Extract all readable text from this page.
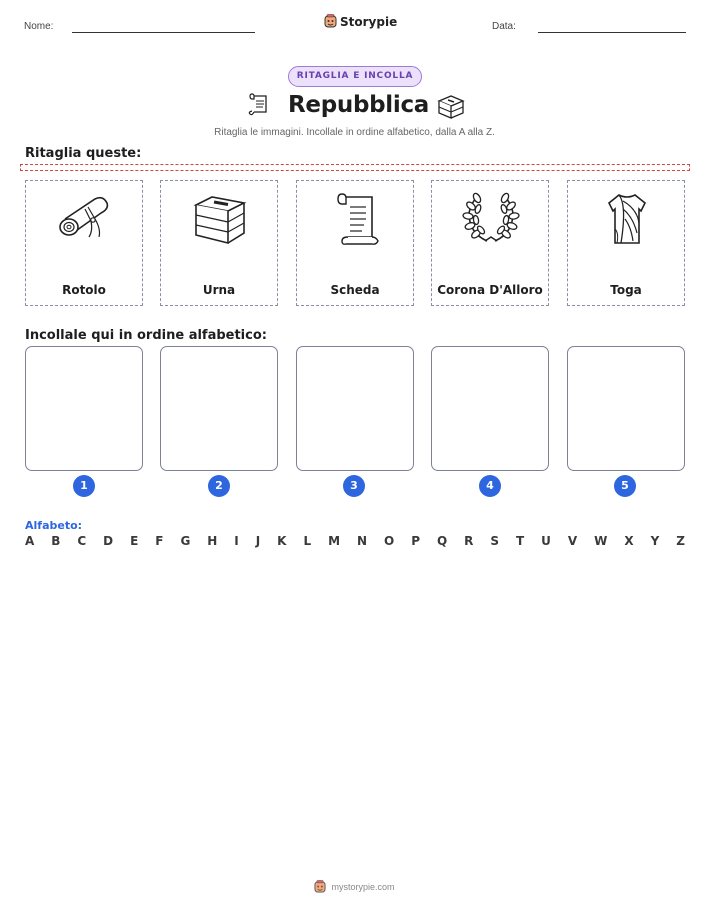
Nome:	Storypie	Data:
RITAGLIA E INCOLLA
Repubblica
Ritaglia le immagini. Incollale in ordine alfabetico, dalla A alla Z.
Ritaglia queste:
Rotolo	Urna	Scheda	Corona D'Alloro	Toga
Incollale qui in ordine alfabetico:
1	2	3	4	5
Alfabeto:
A B C D E F G H I J K L M N O P Q R S T U V W X Y Z
mystorypie.com
